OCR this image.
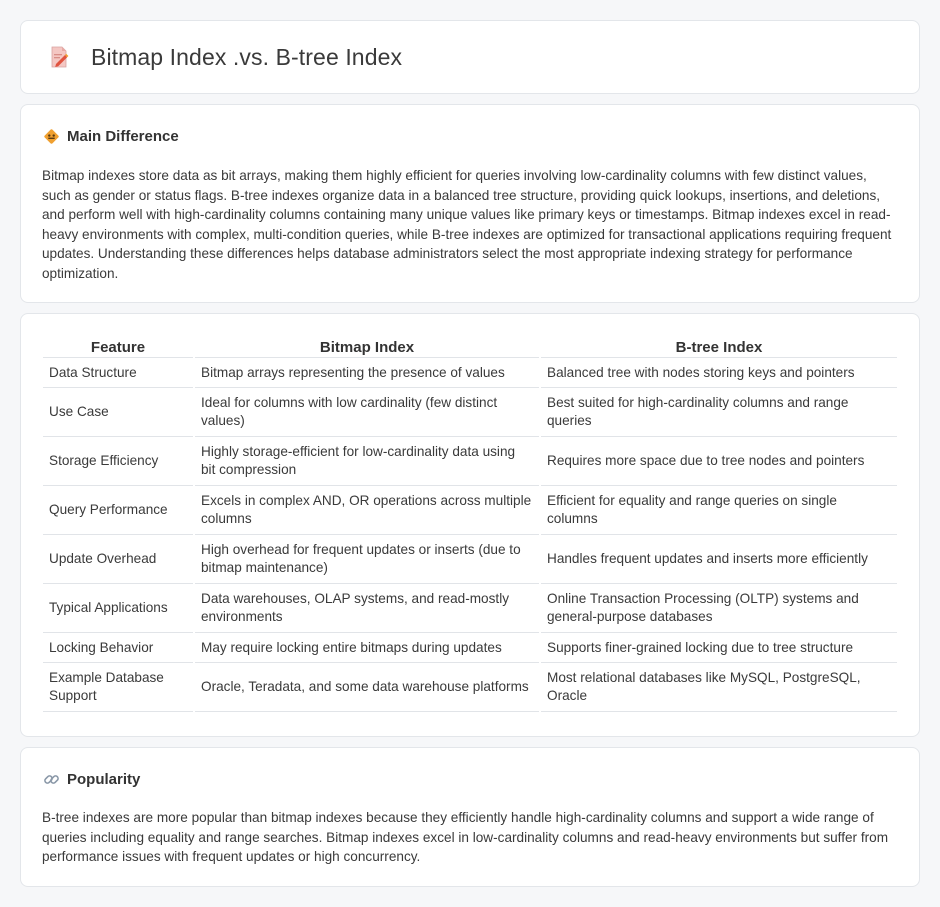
Bitmap Index .vs. B-tree Index
Main Difference

Bitmap indexes store data as bit arrays, making them highly efficient for queries involving low-cardinality columns with few distinct values, such as gender or status flags. B-tree indexes organize data in a balanced tree structure, providing quick lookups, insertions, and deletions, and perform well with high-cardinality columns containing many unique values like primary keys or timestamps. Bitmap indexes excel in read-heavy environments with complex, multi-condition queries, while B-tree indexes are optimized for transactional applications requiring frequent updates. Understanding these differences helps database administrators select the most appropriate indexing strategy for performance optimization.

Feature	Bitmap Index	B-tree Index
Data Structure	Bitmap arrays representing the presence of values	Balanced tree with nodes storing keys and pointers
Use Case	Ideal for columns with low cardinality (few distinct values)	Best suited for high-cardinality columns and range queries
Storage Efficiency	Highly storage-efficient for low-cardinality data using bit compression	Requires more space due to tree nodes and pointers
Query Performance	Excels in complex AND, OR operations across multiple columns	Efficient for equality and range queries on single columns
Update Overhead	High overhead for frequent updates or inserts (due to bitmap maintenance)	Handles frequent updates and inserts more efficiently
Typical Applications	Data warehouses, OLAP systems, and read-mostly environments	Online Transaction Processing (OLTP) systems and general-purpose databases
Locking Behavior	May require locking entire bitmaps during updates	Supports finer-grained locking due to tree structure
Example Database Support	Oracle, Teradata, and some data warehouse platforms	Most relational databases like MySQL, PostgreSQL, Oracle
Popularity

B-tree indexes are more popular than bitmap indexes because they efficiently handle high-cardinality columns and support a wide range of queries including equality and range searches. Bitmap indexes excel in low-cardinality columns and read-heavy environments but suffer from performance issues with frequent updates or high concurrency.
